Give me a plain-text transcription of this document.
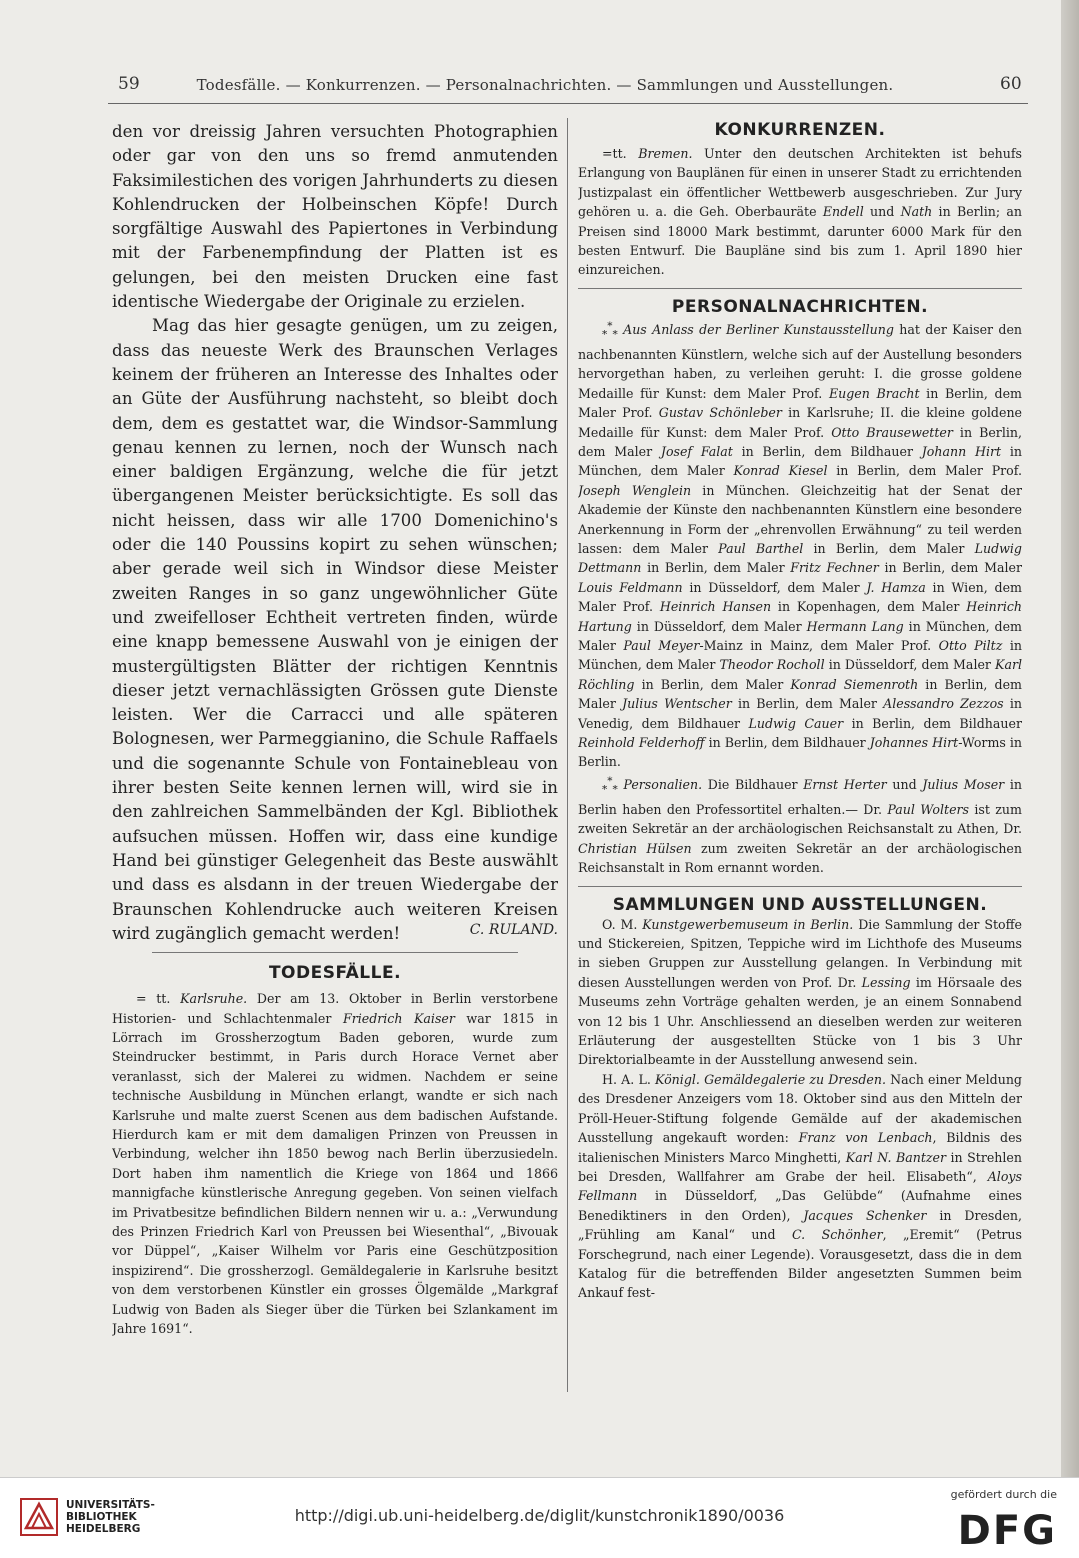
59	Todesfälle. — Konkurrenzen. — Personalnachrichten. — Sammlungen und Ausstellungen.	60

den vor dreissig Jahren versuchten Photographien oder gar von den uns so fremd anmutenden Faksimilestichen des vorigen Jahrhunderts zu diesen Kohlendrucken der Holbeinschen Köpfe! Durch sorgfältige Auswahl des Papiertones in Verbindung mit der Farbenempfindung der Platten ist es gelungen, bei den meisten Drucken eine fast identische Wiedergabe der Originale zu erzielen.

Mag das hier gesagte genügen, um zu zeigen, dass das neueste Werk des Braunschen Verlages keinem der früheren an Interesse des Inhaltes oder an Güte der Ausführung nachsteht, so bleibt doch dem, dem es gestattet war, die Windsor-Sammlung genau kennen zu lernen, noch der Wunsch nach einer baldigen Ergänzung, welche die für jetzt übergangenen Meister berücksichtigte. Es soll das nicht heissen, dass wir alle 1700 Domenichino's oder die 140 Poussins kopirt zu sehen wünschen; aber gerade weil sich in Windsor diese Meister zweiten Ranges in so ganz ungewöhnlicher Güte und zweifelloser Echtheit vertreten finden, würde eine knapp bemessene Auswahl von je einigen der mustergültigsten Blätter der richtigen Kenntnis dieser jetzt vernachlässigten Grössen gute Dienste leisten. Wer die Carracci und alle späteren Bolognesen, wer Parmeggianino, die Schule Raffaels und die sogenannte Schule von Fontainebleau von ihrer besten Seite kennen lernen will, wird sie in den zahlreichen Sammelbänden der Kgl. Bibliothek aufsuchen müssen. Hoffen wir, dass eine kundige Hand bei günstiger Gelegenheit das Beste auswählt und dass es alsdann in der treuen Wiedergabe der Braunschen Kohlendrucke auch weiteren Kreisen wird zugänglich gemacht werden!	C. RULAND.
TODESFÄLLE.

= tt. Karlsruhe. Der am 13. Oktober in Berlin verstorbene Historien- und Schlachtenmaler Friedrich Kaiser war 1815 in Lörrach im Grossherzogtum Baden geboren, wurde zum Steindrucker bestimmt, in Paris durch Horace Vernet aber veranlasst, sich der Malerei zu widmen. Nachdem er seine technische Ausbildung in München erlangt, wandte er sich nach Karlsruhe und malte zuerst Scenen aus dem badischen Aufstande. Hierdurch kam er mit dem damaligen Prinzen von Preussen in Verbindung, welcher ihn 1850 bewog nach Berlin überzusiedeln. Dort haben ihm namentlich die Kriege von 1864 und 1866 mannigfache künstlerische Anregung gegeben. Von seinen vielfach im Privatbesitze befindlichen Bildern nennen wir u. a.: „Verwundung des Prinzen Friedrich Karl von Preussen bei Wiesenthal“, „Bivouak vor Düppel“, „Kaiser Wilhelm vor Paris eine Geschützposition inspizirend“. Die grossherzogl. Gemäldegalerie in Karlsruhe besitzt von dem verstorbenen Künstler ein grosses Ölgemälde „Markgraf Ludwig von Baden als Sieger über die Türken bei Szlankament im Jahre 1691“.

KONKURRENZEN.

=tt. Bremen. Unter den deutschen Architekten ist behufs Erlangung von Bauplänen für einen in unserer Stadt zu errichtenden Justizpalast ein öffentlicher Wettbewerb ausgeschrieben. Zur Jury gehören u. a. die Geh. Oberbauräte Endell und Nath in Berlin; an Preisen sind 18000 Mark bestimmt, darunter 6000 Mark für den besten Entwurf. Die Baupläne sind bis zum 1. April 1890 hier einzureichen.

PERSONALNACHRICHTEN.

$_*$*$_*$ Aus Anlass der Berliner Kunstausstellung hat der Kaiser den nachbenannten Künstlern, welche sich auf der Austellung besonders hervorgethan haben, zu verleihen geruht: I. die grosse goldene Medaille für Kunst: dem Maler Prof. Eugen Bracht in Berlin, dem Maler Prof. Gustav Schönleber in Karlsruhe; II. die kleine goldene Medaille für Kunst: dem Maler Prof. Otto Brausewetter in Berlin, dem Maler Josef Falat in Berlin, dem Bildhauer Johann Hirt in München, dem Maler Konrad Kiesel in Berlin, dem Maler Prof. Joseph Wenglein in München. Gleichzeitig hat der Senat der Akademie der Künste den nachbenannten Künstlern eine besondere Anerkennung in Form der „ehrenvollen Erwähnung“ zu teil werden lassen: dem Maler Paul Barthel in Berlin, dem Maler Ludwig Dettmann in Berlin, dem Maler Fritz Fechner in Berlin, dem Maler Louis Feldmann in Düsseldorf, dem Maler J. Hamza in Wien, dem Maler Prof. Heinrich Hansen in Kopenhagen, dem Maler Heinrich Hartung in Düsseldorf, dem Maler Hermann Lang in München, dem Maler Paul Meyer-Mainz in Mainz, dem Maler Prof. Otto Piltz in München, dem Maler Theodor Rocholl in Düsseldorf, dem Maler Karl Röchling in Berlin, dem Maler Konrad Siemenroth in Berlin, dem Maler Julius Wentscher in Berlin, dem Maler Alessandro Zezzos in Venedig, dem Bildhauer Ludwig Cauer in Berlin, dem Bildhauer Reinhold Felderhoff in Berlin, dem Bildhauer Johannes Hirt-Worms in Berlin.

$_*$*$_*$ Personalien. Die Bildhauer Ernst Herter und Julius Moser in Berlin haben den Professortitel erhalten.— Dr. Paul Wolters ist zum zweiten Sekretär an der archäologischen Reichsanstalt zu Athen, Dr. Christian Hülsen zum zweiten Sekretär an der archäologischen Reichsanstalt in Rom ernannt worden.

SAMMLUNGEN UND AUSSTELLUNGEN.

O. M. Kunstgewerbemuseum in Berlin. Die Sammlung der Stoffe und Stickereien, Spitzen, Teppiche wird im Lichthofe des Museums in sieben Gruppen zur Ausstellung gelangen. In Verbindung mit diesen Ausstellungen werden von Prof. Dr. Lessing im Hörsaale des Museums zehn Vorträge gehalten werden, je an einem Sonnabend von 12 bis 1 Uhr. Anschliessend an dieselben werden zur weiteren Erläuterung der ausgestellten Stücke von 1 bis 3 Uhr Direktorialbeamte in der Ausstellung anwesend sein.

H. A. L. Königl. Gemäldegalerie zu Dresden. Nach einer Meldung des Dresdener Anzeigers vom 18. Oktober sind aus den Mitteln der Pröll-Heuer-Stiftung folgende Gemälde auf der akademischen Ausstellung angekauft worden: Franz von Lenbach, Bildnis des italienischen Ministers Marco Minghetti, Karl N. Bantzer in Strehlen bei Dresden, Wallfahrer am Grabe der heil. Elisabeth“, Aloys Fellmann in Düsseldorf, „Das Gelübde“ (Aufnahme eines Benediktiners in den Orden), Jacques Schenker in Dresden, „Frühling am Kanal“ und C. Schönher, „Eremit“ (Petrus Forschegrund, nach einer Legende). Vorausgesetzt, dass die in dem Katalog für die betreffenden Bilder angesetzten Summen beim Ankauf fest-

UNIVERSITÄTS-
BIBLIOTHEK
HEIDELBERG
http://digi.ub.uni-heidelberg.de/diglit/kunstchronik1890/0036
gefördert durch die
DFG
